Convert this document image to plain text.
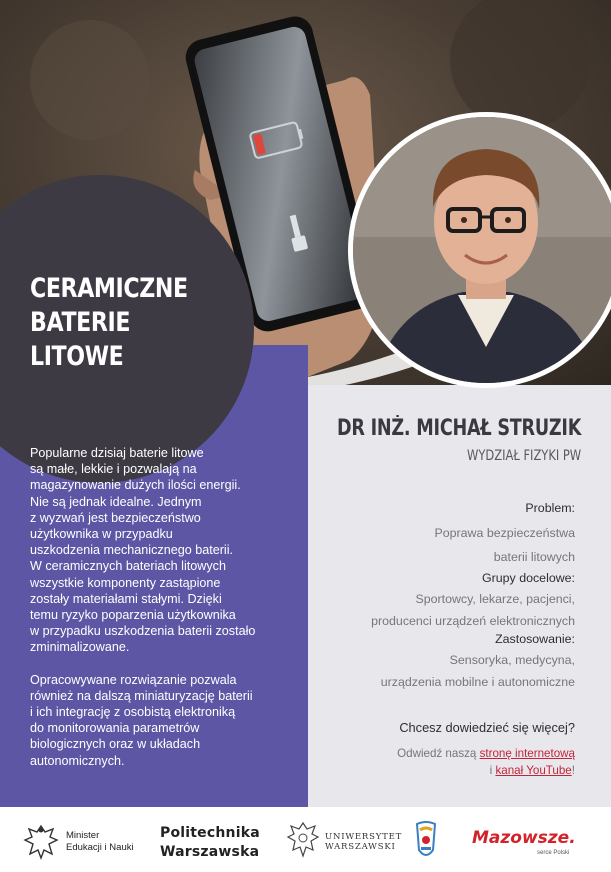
CERAMICZNE
BATERIE LITOWE

Popularne dzisiaj baterie litowe
są małe, lekkie i pozwalają na
magazynowanie dużych ilości energii.
Nie są jednak idealne. Jednym
z wyzwań jest bezpieczeństwo
użytkownika w przypadku
uszkodzenia mechanicznego baterii.
W ceramicznych bateriach litowych
wszystkie komponenty zastąpione
zostały materiałami stałymi. Dzięki
temu ryzyko poparzenia użytkownika
w przypadku uszkodzenia baterii zostało
zminimalizowane.

Opracowywane rozwiązanie pozwala
również na dalszą miniaturyzację baterii
i ich integrację z osobistą elektroniką
do monitorowania parametrów
biologicznych oraz w układach
autonomicznych.

DR INŻ. MICHAŁ STRUZIK
WYDZIAŁ FIZYKI PW
Problem:
Poprawa bezpieczeństwa
baterii litowych
Grupy docelowe:
Sportowcy, lekarze, pacjenci,
producenci urządzeń elektronicznych
Zastosowanie:
Sensoryka, medycyna,
urządzenia mobilne i autonomiczne
Chcesz dowiedzieć się więcej?
Odwiedź naszą stronę internetową
i kanał YouTube!
Minister
Edukacji i Nauki
Politechnika
Warszawska
UNIWERSYTET
WARSZAWSKI	Mazowsze.
serce Polski
